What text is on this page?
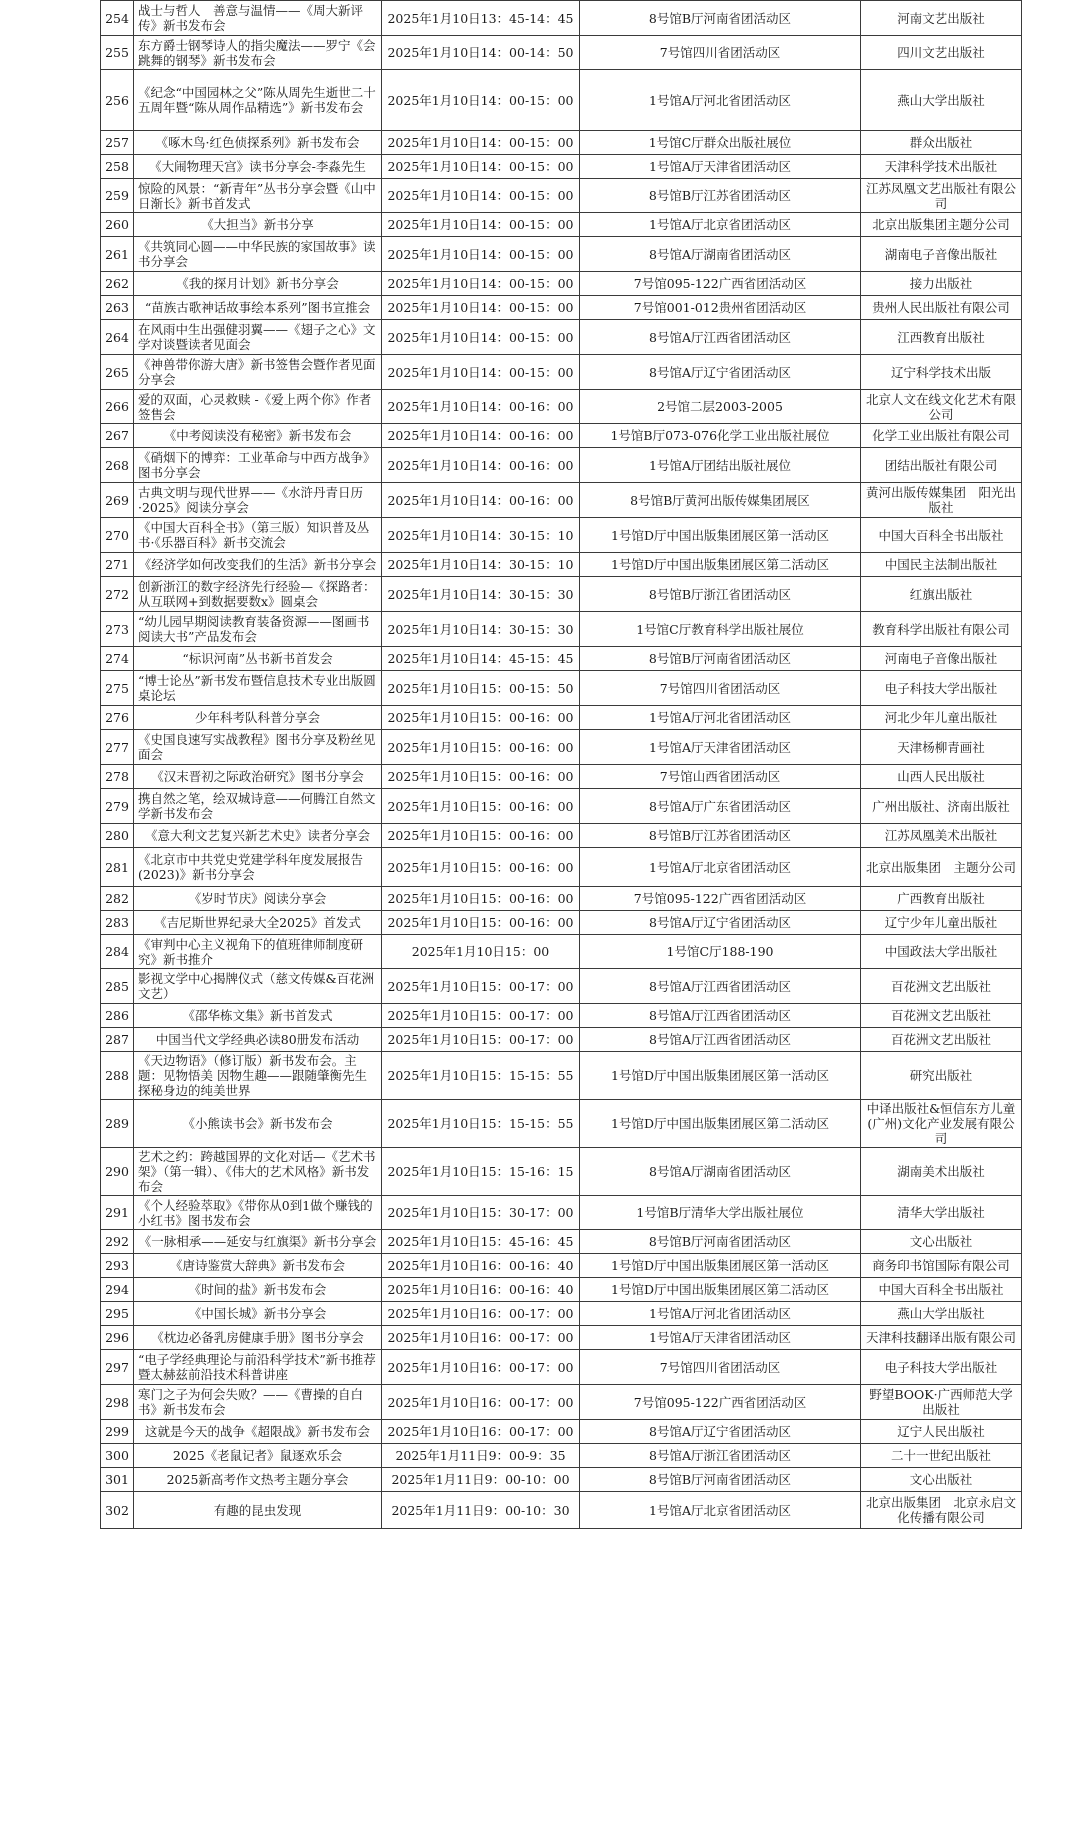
254	战士与哲人　善意与温情——《周大新评传》新书发布会	2025年1月10日13：45-14：45	8号馆B厅河南省团活动区	河南文艺出版社
255	东方爵士钢琴诗人的指尖魔法——罗宁《会跳舞的钢琴》新书发布会	2025年1月10日14：00-14：50	7号馆四川省团活动区	四川文艺出版社
256	《纪念“中国园林之父”陈从周先生逝世二十五周年暨“陈从周作品精选”》新书发布会	2025年1月10日14：00-15：00	1号馆A厅河北省团活动区	燕山大学出版社
257	《啄木鸟·红色侦探系列》新书发布会	2025年1月10日14：00-15：00	1号馆C厅群众出版社展位	群众出版社
258	《大闹物理天宫》读书分享会-李淼先生	2025年1月10日14：00-15：00	1号馆A厅天津省团活动区	天津科学技术出版社
259	惊险的风景：“新青年”丛书分享会暨《山中日渐长》新书首发式	2025年1月10日14：00-15：00	8号馆B厅江苏省团活动区	江苏凤凰文艺出版社有限公司
260	《大担当》新书分享	2025年1月10日14：00-15：00	1号馆A厅北京省团活动区	北京出版集团主题分公司
261	《共筑同心圆——中华民族的家国故事》读书分享会	2025年1月10日14：00-15：00	8号馆A厅湖南省团活动区	湖南电子音像出版社
262	《我的探月计划》新书分享会	2025年1月10日14：00-15：00	7号馆095-122广西省团活动区	接力出版社
263	“苗族古歌神话故事绘本系列”图书宣推会	2025年1月10日14：00-15：00	7号馆001-012贵州省团活动区	贵州人民出版社有限公司
264	在风雨中生出强健羽翼——《翅子之心》文学对谈暨读者见面会	2025年1月10日14：00-15：00	8号馆A厅江西省团活动区	江西教育出版社
265	《神兽带你游大唐》新书签售会暨作者见面分享会	2025年1月10日14：00-15：00	8号馆A厅辽宁省团活动区	辽宁科学技术出版
266	爱的双面，心灵救赎 -《爱上两个你》作者签售会	2025年1月10日14：00-16：00	2号馆二层2003-2005	北京人文在线文化艺术有限公司
267	《中考阅读没有秘密》新书发布会	2025年1月10日14：00-16：00	1号馆B厅073-076化学工业出版社展位	化学工业出版社有限公司
268	《硝烟下的博弈：工业革命与中西方战争》图书分享会	2025年1月10日14：00-16：00	1号馆A厅团结出版社展位	团结出版社有限公司
269	古典文明与现代世界——《水浒丹青日历·2025》阅读分享会	2025年1月10日14：00-16：00	8号馆B厅黄河出版传媒集团展区	黄河出版传媒集团　阳光出版社
270	《中国大百科全书》（第三版）知识普及丛书·《乐器百科》新书交流会	2025年1月10日14：30-15：10	1号馆D厅中国出版集团展区第一活动区	中国大百科全书出版社
271	《经济学如何改变我们的生活》新书分享会	2025年1月10日14：30-15：10	1号馆D厅中国出版集团展区第二活动区	中国民主法制出版社
272	创新浙江的数字经济先行经验—《探路者：从互联网+到数据要数x》圆桌会	2025年1月10日14：30-15：30	8号馆B厅浙江省团活动区	红旗出版社
273	“幼儿园早期阅读教育装备资源——图画书阅读大书”产品发布会	2025年1月10日14：30-15：30	1号馆C厅教育科学出版社展位	教育科学出版社有限公司
274	“标识河南”丛书新书首发会	2025年1月10日14：45-15：45	8号馆B厅河南省团活动区	河南电子音像出版社
275	“博士论丛”新书发布暨信息技术专业出版圆桌论坛	2025年1月10日15：00-15：50	7号馆四川省团活动区	电子科技大学出版社
276	少年科考队科普分享会	2025年1月10日15：00-16：00	1号馆A厅河北省团活动区	河北少年儿童出版社
277	《史国良速写实战教程》图书分享及粉丝见面会	2025年1月10日15：00-16：00	1号馆A厅天津省团活动区	天津杨柳青画社
278	《汉末晋初之际政治研究》图书分享会	2025年1月10日15：00-16：00	7号馆山西省团活动区	山西人民出版社
279	携自然之笔，绘双城诗意——何腾江自然文学新书发布会	2025年1月10日15：00-16：00	8号馆A厅广东省团活动区	广州出版社、济南出版社
280	《意大利文艺复兴新艺术史》读者分享会	2025年1月10日15：00-16：00	8号馆B厅江苏省团活动区	江苏凤凰美术出版社
281	《北京市中共党史党建学科年度发展报告(2023)》新书分享会	2025年1月10日15：00-16：00	1号馆A厅北京省团活动区	北京出版集团　主题分公司
282	《岁时节庆》阅读分享会	2025年1月10日15：00-16：00	7号馆095-122广西省团活动区	广西教育出版社
283	《吉尼斯世界纪录大全2025》首发式	2025年1月10日15：00-16：00	8号馆A厅辽宁省团活动区	辽宁少年儿童出版社
284	《审判中心主义视角下的值班律师制度研究》新书推介	2025年1月10日15：00	1号馆C厅188-190	中国政法大学出版社
285	影视文学中心揭牌仪式（慈文传媒&百花洲文艺）	2025年1月10日15：00-17：00	8号馆A厅江西省团活动区	百花洲文艺出版社
286	《邵华栋文集》新书首发式	2025年1月10日15：00-17：00	8号馆A厅江西省团活动区	百花洲文艺出版社
287	中国当代文学经典必读80册发布活动	2025年1月10日15：00-17：00	8号馆A厅江西省团活动区	百花洲文艺出版社
288	《天边物语》（修订版）新书发布会。主题：见物悟美 因物生趣——跟随肇衡先生探秘身边的纯美世界	2025年1月10日15：15-15：55	1号馆D厅中国出版集团展区第一活动区	研究出版社
289	《小熊读书会》新书发布会	2025年1月10日15：15-15：55	1号馆D厅中国出版集团展区第二活动区	中译出版社&恒信东方儿童(广州)文化产业发展有限公司
290	艺术之约：跨越国界的文化对话—《艺术书架》（第一辑）、《伟大的艺术风格》新书发布会	2025年1月10日15：15-16：15	8号馆A厅湖南省团活动区	湖南美术出版社
291	《个人经验萃取》《带你从0到1做个赚钱的小红书》图书发布会	2025年1月10日15：30-17：00	1号馆B厅清华大学出版社展位	清华大学出版社
292	《一脉相承——延安与红旗渠》新书分享会	2025年1月10日15：45-16：45	8号馆B厅河南省团活动区	文心出版社
293	《唐诗鉴赏大辞典》新书发布会	2025年1月10日16：00-16：40	1号馆D厅中国出版集团展区第一活动区	商务印书馆国际有限公司
294	《时间的盐》新书发布会	2025年1月10日16：00-16：40	1号馆D厅中国出版集团展区第二活动区	中国大百科全书出版社
295	《中国长城》新书分享会	2025年1月10日16：00-17：00	1号馆A厅河北省团活动区	燕山大学出版社
296	《枕边必备乳房健康手册》图书分享会	2025年1月10日16：00-17：00	1号馆A厅天津省团活动区	天津科技翻译出版有限公司
297	“电子学经典理论与前沿科学技术”新书推荐暨太赫兹前沿技术科普讲座	2025年1月10日16：00-17：00	7号馆四川省团活动区	电子科技大学出版社
298	寒门之子为何会失败？——《曹操的自白书》新书发布会	2025年1月10日16：00-17：00	7号馆095-122广西省团活动区	野望BOOK·广西师范大学出版社
299	这就是今天的战争《超限战》新书发布会	2025年1月10日16：00-17：00	8号馆A厅辽宁省团活动区	辽宁人民出版社
300	2025《老鼠记者》鼠逐欢乐会	2025年1月11日9：00-9：35	8号馆A厅浙江省团活动区	二十一世纪出版社
301	2025新高考作文热考主题分享会	2025年1月11日9：00-10：00	8号馆B厅河南省团活动区	文心出版社
302	有趣的昆虫发现	2025年1月11日9：00-10：30	1号馆A厅北京省团活动区	北京出版集团　北京永启文化传播有限公司
